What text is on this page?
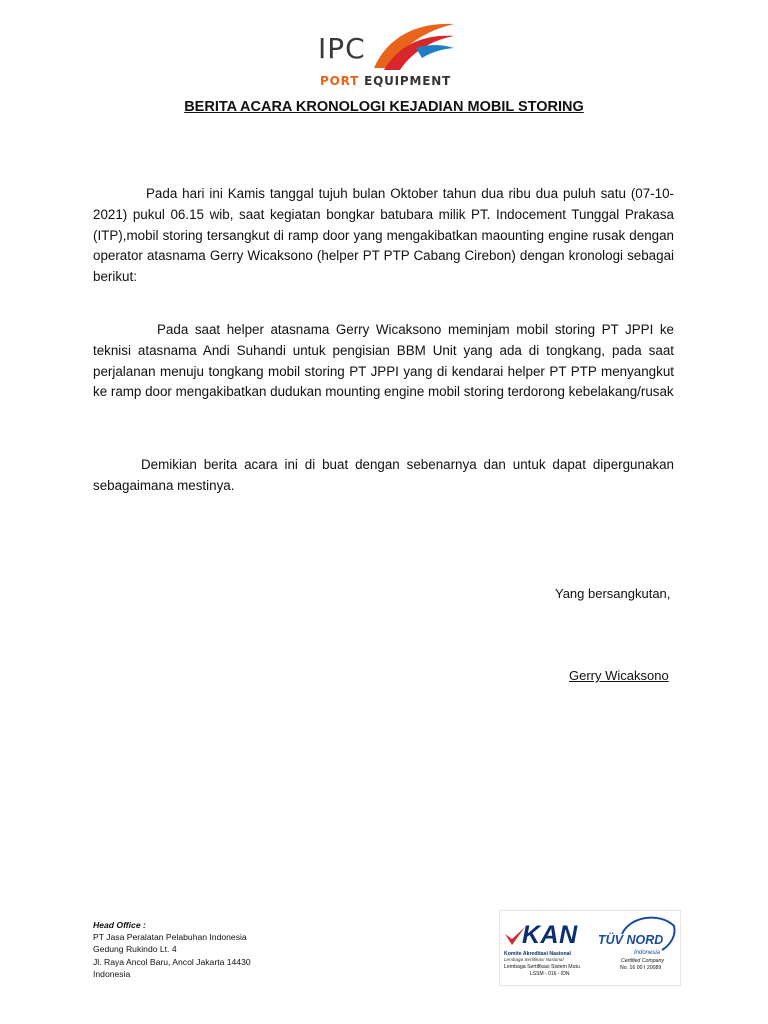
IPC
PORT EQUIPMENT
BERITA ACARA KRONOLOGI KEJADIAN MOBIL STORING
Pada hari ini Kamis tanggal tujuh bulan Oktober tahun dua ribu dua puluh satu (07-10-2021) pukul 06.15 wib, saat kegiatan bongkar batubara milik PT. Indocement Tunggal Prakasa (ITP),mobil storing tersangkut di ramp door yang mengakibatkan maounting engine rusak dengan operator atasnama Gerry Wicaksono (helper PT PTP Cabang Cirebon) dengan kronologi sebagai berikut:
Pada saat helper atasnama Gerry Wicaksono meminjam mobil storing PT JPPI ke teknisi atasnama Andi Suhandi untuk pengisian BBM Unit yang ada di tongkang, pada saat perjalanan menuju tongkang mobil storing PT JPPI yang di kendarai helper PT PTP menyangkut ke ramp door mengakibatkan dudukan mounting engine mobil storing terdorong kebelakang/rusak
Demikian berita acara ini di buat dengan sebenarnya dan untuk dapat dipergunakan sebagaimana mestinya.
Yang bersangkutan,
Gerry Wicaksono
Head Office :
PT Jasa Peralatan Pelabuhan Indonesia
Gedung Rukindo Lt. 4
Jl. Raya Ancol Baru, Ancol Jakarta 14430
Indonesia
KAN
Komite Akreditasi Nasional
Lembaga Sertifikasi Nasional
Lembaga Sertifikasi Sistem Mutu
LSSM - 016 - IDN
TÜV NORD
Indonesia
Certified Company
No. 16 00 I 20089
